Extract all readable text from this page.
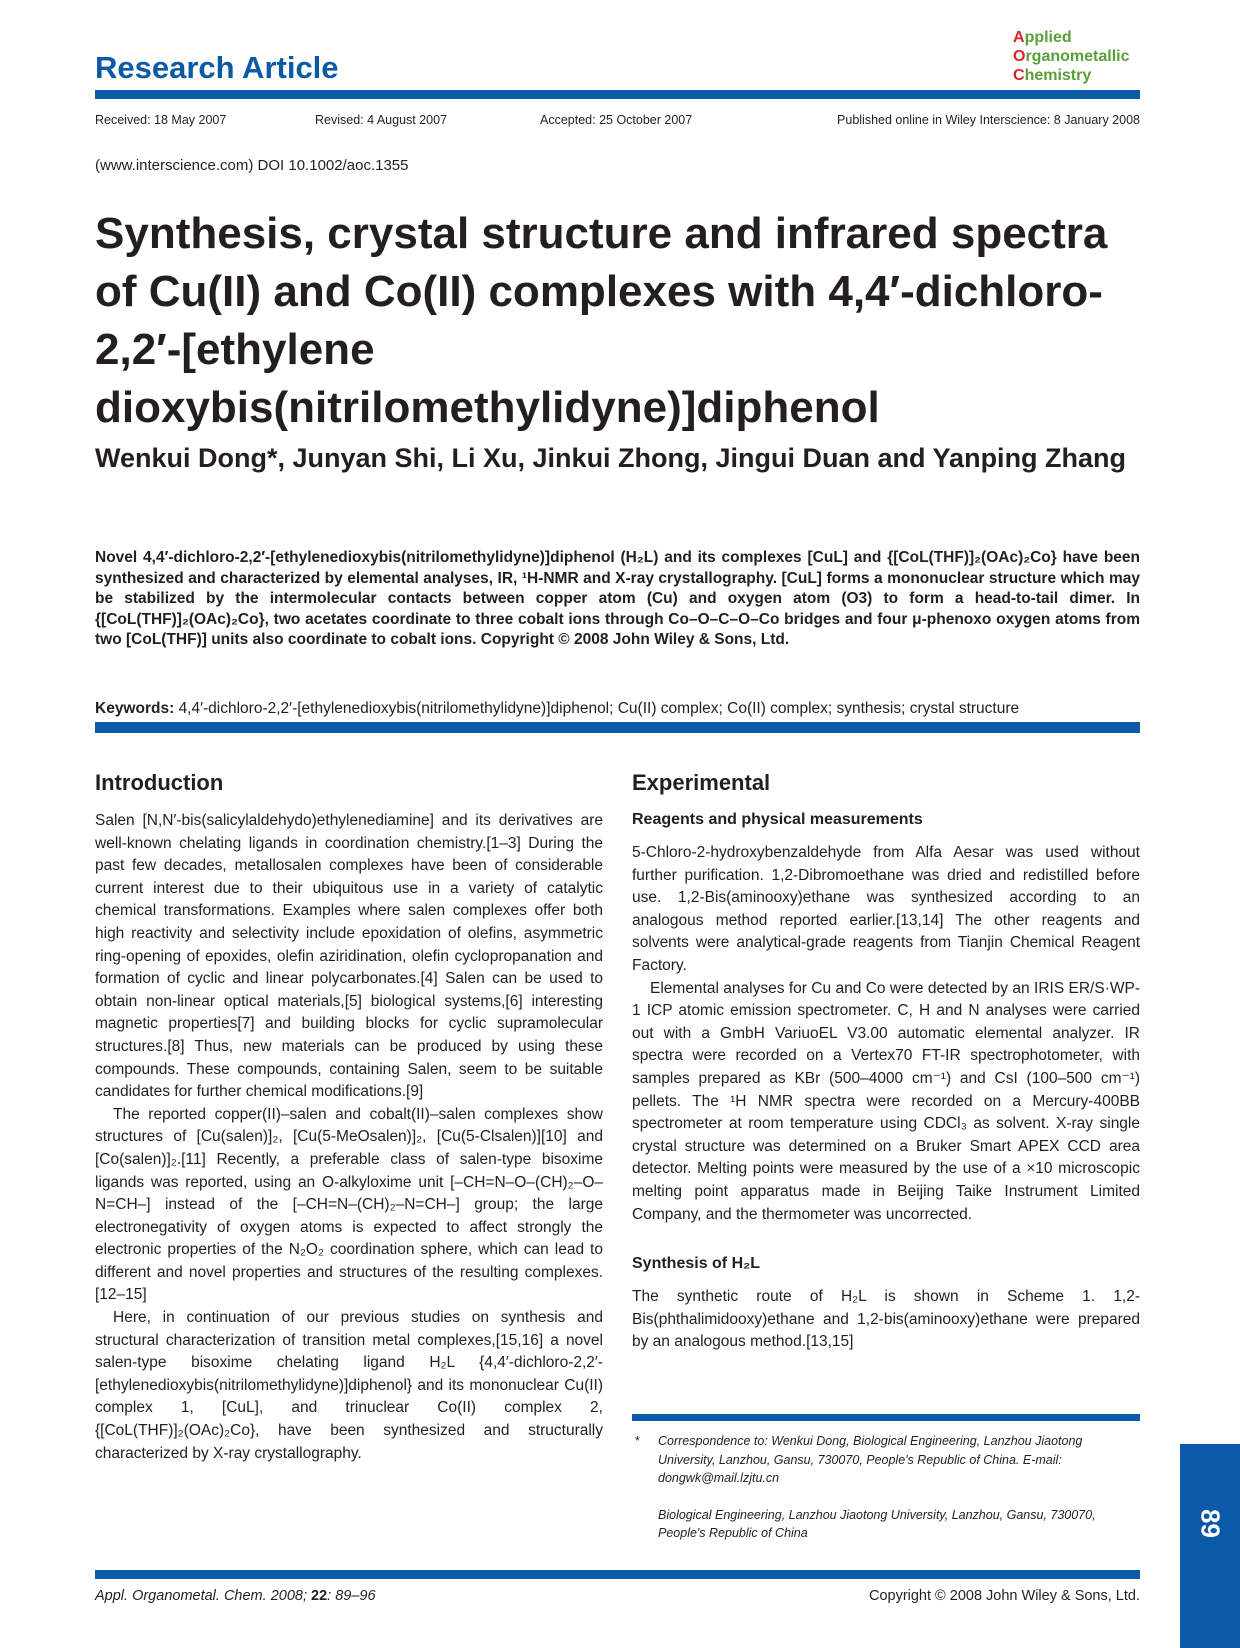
Research Article
Applied
Organometallic
Chemistry
Received: 18 May 2007	Revised: 4 August 2007	Accepted: 25 October 2007	Published online in Wiley Interscience: 8 January 2008
(www.interscience.com) DOI 10.1002/aoc.1355
Synthesis, crystal structure and infrared spectra of Cu(II) and Co(II) complexes with 4,4′-dichloro-2,2′-[ethylene dioxybis(nitrilomethylidyne)]diphenol

Wenkui Dong*, Junyan Shi, Li Xu, Jinkui Zhong, Jingui Duan and Yanping Zhang

Novel 4,4′-dichloro-2,2′-[ethylenedioxybis(nitrilomethylidyne)]diphenol (H₂L) and its complexes [CuL] and {[CoL(THF)]₂(OAc)₂Co} have been synthesized and characterized by elemental analyses, IR, ¹H-NMR and X-ray crystallography. [CuL] forms a mononuclear structure which may be stabilized by the intermolecular contacts between copper atom (Cu) and oxygen atom (O3) to form a head-to-tail dimer. In {[CoL(THF)]₂(OAc)₂Co}, two acetates coordinate to three cobalt ions through Co–O–C–O–Co bridges and four μ-phenoxo oxygen atoms from two [CoL(THF)] units also coordinate to cobalt ions. Copyright © 2008 John Wiley & Sons, Ltd.

Keywords: 4,4′-dichloro-2,2′-[ethylenedioxybis(nitrilomethylidyne)]diphenol; Cu(II) complex; Co(II) complex; synthesis; crystal structure
Introduction

Salen [N,N′-bis(salicylaldehydo)ethylenediamine] and its derivatives are well-known chelating ligands in coordination chemistry.[1–3] During the past few decades, metallosalen complexes have been of considerable current interest due to their ubiquitous use in a variety of catalytic chemical transformations. Examples where salen complexes offer both high reactivity and selectivity include epoxidation of olefins, asymmetric ring-opening of epoxides, olefin aziridination, olefin cyclopropanation and formation of cyclic and linear polycarbonates.[4] Salen can be used to obtain non-linear optical materials,[5] biological systems,[6] interesting magnetic properties[7] and building blocks for cyclic supramolecular structures.[8] Thus, new materials can be produced by using these compounds. These compounds, containing Salen, seem to be suitable candidates for further chemical modifications.[9]

The reported copper(II)–salen and cobalt(II)–salen complexes show structures of [Cu(salen)]₂, [Cu(5-MeOsalen)]₂, [Cu(5-Clsalen)][10] and [Co(salen)]₂.[11] Recently, a preferable class of salen-type bisoxime ligands was reported, using an O-alkyloxime unit [–CH=N–O–(CH)₂–O–N=CH–] instead of the [–CH=N–(CH)₂–N=CH–] group; the large electronegativity of oxygen atoms is expected to affect strongly the electronic properties of the N₂O₂ coordination sphere, which can lead to different and novel properties and structures of the resulting complexes.[12–15]

Here, in continuation of our previous studies on synthesis and structural characterization of transition metal complexes,[15,16] a novel salen-type bisoxime chelating ligand H₂L {4,4′-dichloro-2,2′-[ethylenedioxybis(nitrilomethylidyne)]diphenol} and its mononuclear Cu(II) complex 1, [CuL], and trinuclear Co(II) complex 2, {[CoL(THF)]₂(OAc)₂Co}, have been synthesized and structurally characterized by X-ray crystallography.

Experimental
Reagents and physical measurements

5-Chloro-2-hydroxybenzaldehyde from Alfa Aesar was used without further purification. 1,2-Dibromoethane was dried and redistilled before use. 1,2-Bis(aminooxy)ethane was synthesized according to an analogous method reported earlier.[13,14] The other reagents and solvents were analytical-grade reagents from Tianjin Chemical Reagent Factory.

Elemental analyses for Cu and Co were detected by an IRIS ER/S·WP-1 ICP atomic emission spectrometer. C, H and N analyses were carried out with a GmbH VariuoEL V3.00 automatic elemental analyzer. IR spectra were recorded on a Vertex70 FT-IR spectrophotometer, with samples prepared as KBr (500–4000 cm⁻¹) and CsI (100–500 cm⁻¹) pellets. The ¹H NMR spectra were recorded on a Mercury-400BB spectrometer at room temperature using CDCl₃ as solvent. X-ray single crystal structure was determined on a Bruker Smart APEX CCD area detector. Melting points were measured by the use of a ×10 microscopic melting point apparatus made in Beijing Taike Instrument Limited Company, and the thermometer was uncorrected.

Synthesis of H₂L

The synthetic route of H₂L is shown in Scheme 1. 1,2-Bis(phthalimidooxy)ethane and 1,2-bis(aminooxy)ethane were prepared by an analogous method.[13,15]

* Correspondence to: Wenkui Dong, Biological Engineering, Lanzhou Jiaotong University, Lanzhou, Gansu, 730070, People's Republic of China. E-mail: dongwk@mail.lzjtu.cn

Biological Engineering, Lanzhou Jiaotong University, Lanzhou, Gansu, 730070, People's Republic of China	89
Appl. Organometal. Chem. 2008; 22: 89–96	Copyright © 2008 John Wiley & Sons, Ltd.
